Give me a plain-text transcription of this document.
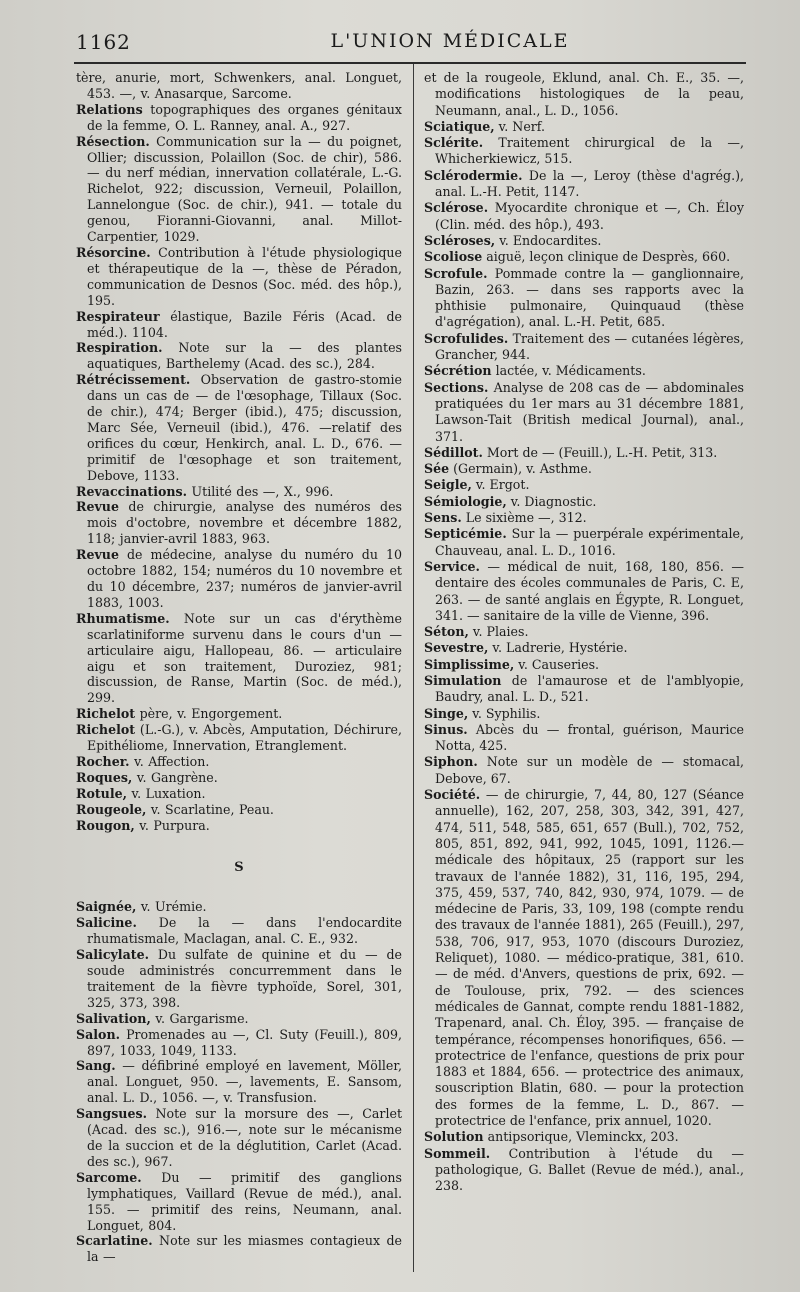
1162	L'UNION MÉDICALE

tère, anurie, mort, Schwenkers, anal. Longuet, 453. —, v. Anasarque, Sarcome.

Relations topographiques des organes génitaux de la femme, O. L. Ranney, anal. A., 927.

Résection. Communication sur la — du poignet, Ollier; discussion, Polaillon (Soc. de chir), 586. — du nerf médian, innervation collatérale, L.-G. Richelot, 922; discussion, Verneuil, Polaillon, Lannelongue (Soc. de chir.), 941. — totale du genou, Fioranni-Giovanni, anal. Millot-Carpentier, 1029.

Résorcine. Contribution à l'étude physiologique et thérapeutique de la —, thèse de Péradon, communication de Desnos (Soc. méd. des hôp.), 195.

Respirateur élastique, Bazile Féris (Acad. de méd.). 1104.

Respiration. Note sur la — des plantes aquatiques, Barthelemy (Acad. des sc.), 284.

Rétrécissement. Observation de gastro-stomie dans un cas de — de l'œsophage, Tillaux (Soc. de chir.), 474; Berger (ibid.), 475; discussion, Marc Sée, Verneuil (ibid.), 476. —relatif des orifices du cœur, Henkirch, anal. L. D., 676. — primitif de l'œsophage et son traitement, Debove, 1133.

Revaccinations. Utilité des —, X., 996.

Revue de chirurgie, analyse des numéros des mois d'octobre, novembre et décembre 1882, 118; janvier-avril 1883, 963.

Revue de médecine, analyse du numéro du 10 octobre 1882, 154; numéros du 10 novembre et du 10 décembre, 237; numéros de janvier-avril 1883, 1003.

Rhumatisme. Note sur un cas d'érythème scarlatiniforme survenu dans le cours d'un — articulaire aigu, Hallopeau, 86. — articulaire aigu et son traitement, Duroziez, 981; discussion, de Ranse, Martin (Soc. de méd.), 299.

Richelot père, v. Engorgement.

Richelot (L.-G.), v. Abcès, Amputation, Déchirure, Epithéliome, Innervation, Etranglement.

Rocher. v. Affection.

Roques, v. Gangrène.

Rotule, v. Luxation.

Rougeole, v. Scarlatine, Peau.

Rougon, v. Purpura.

S

Saignée, v. Urémie.

Salicine. De la — dans l'endocardite rhumatismale, Maclagan, anal. C. E., 932.

Salicylate. Du sulfate de quinine et du — de soude administrés concurremment dans le traitement de la fièvre typhoïde, Sorel, 301, 325, 373, 398.

Salivation, v. Gargarisme.

Salon. Promenades au —, Cl. Suty (Feuill.), 809, 897, 1033, 1049, 1133.

Sang. — défibriné employé en lavement, Möller, anal. Longuet, 950. —, lavements, E. Sansom, anal. L. D., 1056. —, v. Transfusion.

Sangsues. Note sur la morsure des —, Carlet (Acad. des sc.), 916.—, note sur le mécanisme de la succion et de la déglutition, Carlet (Acad. des sc.), 967.

Sarcome. Du — primitif des ganglions lymphatiques, Vaillard (Revue de méd.), anal. 155. — primitif des reins, Neumann, anal. Longuet, 804.

Scarlatine. Note sur les miasmes contagieux de la —

et de la rougeole, Eklund, anal. Ch. E., 35. —, modifications histologiques de la peau, Neumann, anal., L. D., 1056.

Sciatique, v. Nerf.

Sclérite. Traitement chirurgical de la —, Whicherkiewicz, 515.

Sclérodermie. De la —, Leroy (thèse d'agrég.), anal. L.-H. Petit, 1147.

Sclérose. Myocardite chronique et —, Ch. Éloy (Clin. méd. des hôp.), 493.

Scléroses, v. Endocardites.

Scoliose aiguë, leçon clinique de Desprès, 660.

Scrofule. Pommade contre la — ganglionnaire, Bazin, 263. — dans ses rapports avec la phthisie pulmonaire, Quinquaud (thèse d'agrégation), anal. L.-H. Petit, 685.

Scrofulides. Traitement des — cutanées légères, Grancher, 944.

Sécrétion lactée, v. Médicaments.

Sections. Analyse de 208 cas de — abdominales pratiquées du 1er mars au 31 décembre 1881, Lawson-Tait (British medical Journal), anal., 371.

Sédillot. Mort de — (Feuill.), L.-H. Petit, 313.

Sée (Germain), v. Asthme.

Seigle, v. Ergot.

Sémiologie, v. Diagnostic.

Sens. Le sixième —, 312.

Septicémie. Sur la — puerpérale expérimentale, Chauveau, anal. L. D., 1016.

Service. — médical de nuit, 168, 180, 856. — dentaire des écoles communales de Paris, C. E, 263. — de santé anglais en Égypte, R. Longuet, 341. — sanitaire de la ville de Vienne, 396.

Séton, v. Plaies.

Sevestre, v. Ladrerie, Hystérie.

Simplissime, v. Causeries.

Simulation de l'amaurose et de l'amblyopie, Baudry, anal. L. D., 521.

Singe, v. Syphilis.

Sinus. Abcès du — frontal, guérison, Maurice Notta, 425.

Siphon. Note sur un modèle de — stomacal, Debove, 67.

Société. — de chirurgie, 7, 44, 80, 127 (Séance annuelle), 162, 207, 258, 303, 342, 391, 427, 474, 511, 548, 585, 651, 657 (Bull.), 702, 752, 805, 851, 892, 941, 992, 1045, 1091, 1126.—médicale des hôpitaux, 25 (rapport sur les travaux de l'année 1882), 31, 116, 195, 294, 375, 459, 537, 740, 842, 930, 974, 1079. — de médecine de Paris, 33, 109, 198 (compte rendu des travaux de l'année 1881), 265 (Feuill.), 297, 538, 706, 917, 953, 1070 (discours Duroziez, Reliquet), 1080. — médico-pratique, 381, 610. — de méd. d'Anvers, questions de prix, 692. — de Toulouse, prix, 792. — des sciences médicales de Gannat, compte rendu 1881-1882, Trapenard, anal. Ch. Éloy, 395. — française de tempérance, récompenses honorifiques, 656. — protectrice de l'enfance, questions de prix pour 1883 et 1884, 656. — protectrice des animaux, souscription Blatin, 680. — pour la protection des formes de la femme, L. D., 867. — protectrice de l'enfance, prix annuel, 1020.

Solution antipsorique, Vleminckx, 203.

Sommeil. Contribution à l'étude du — pathologique, G. Ballet (Revue de méd.), anal., 238.
